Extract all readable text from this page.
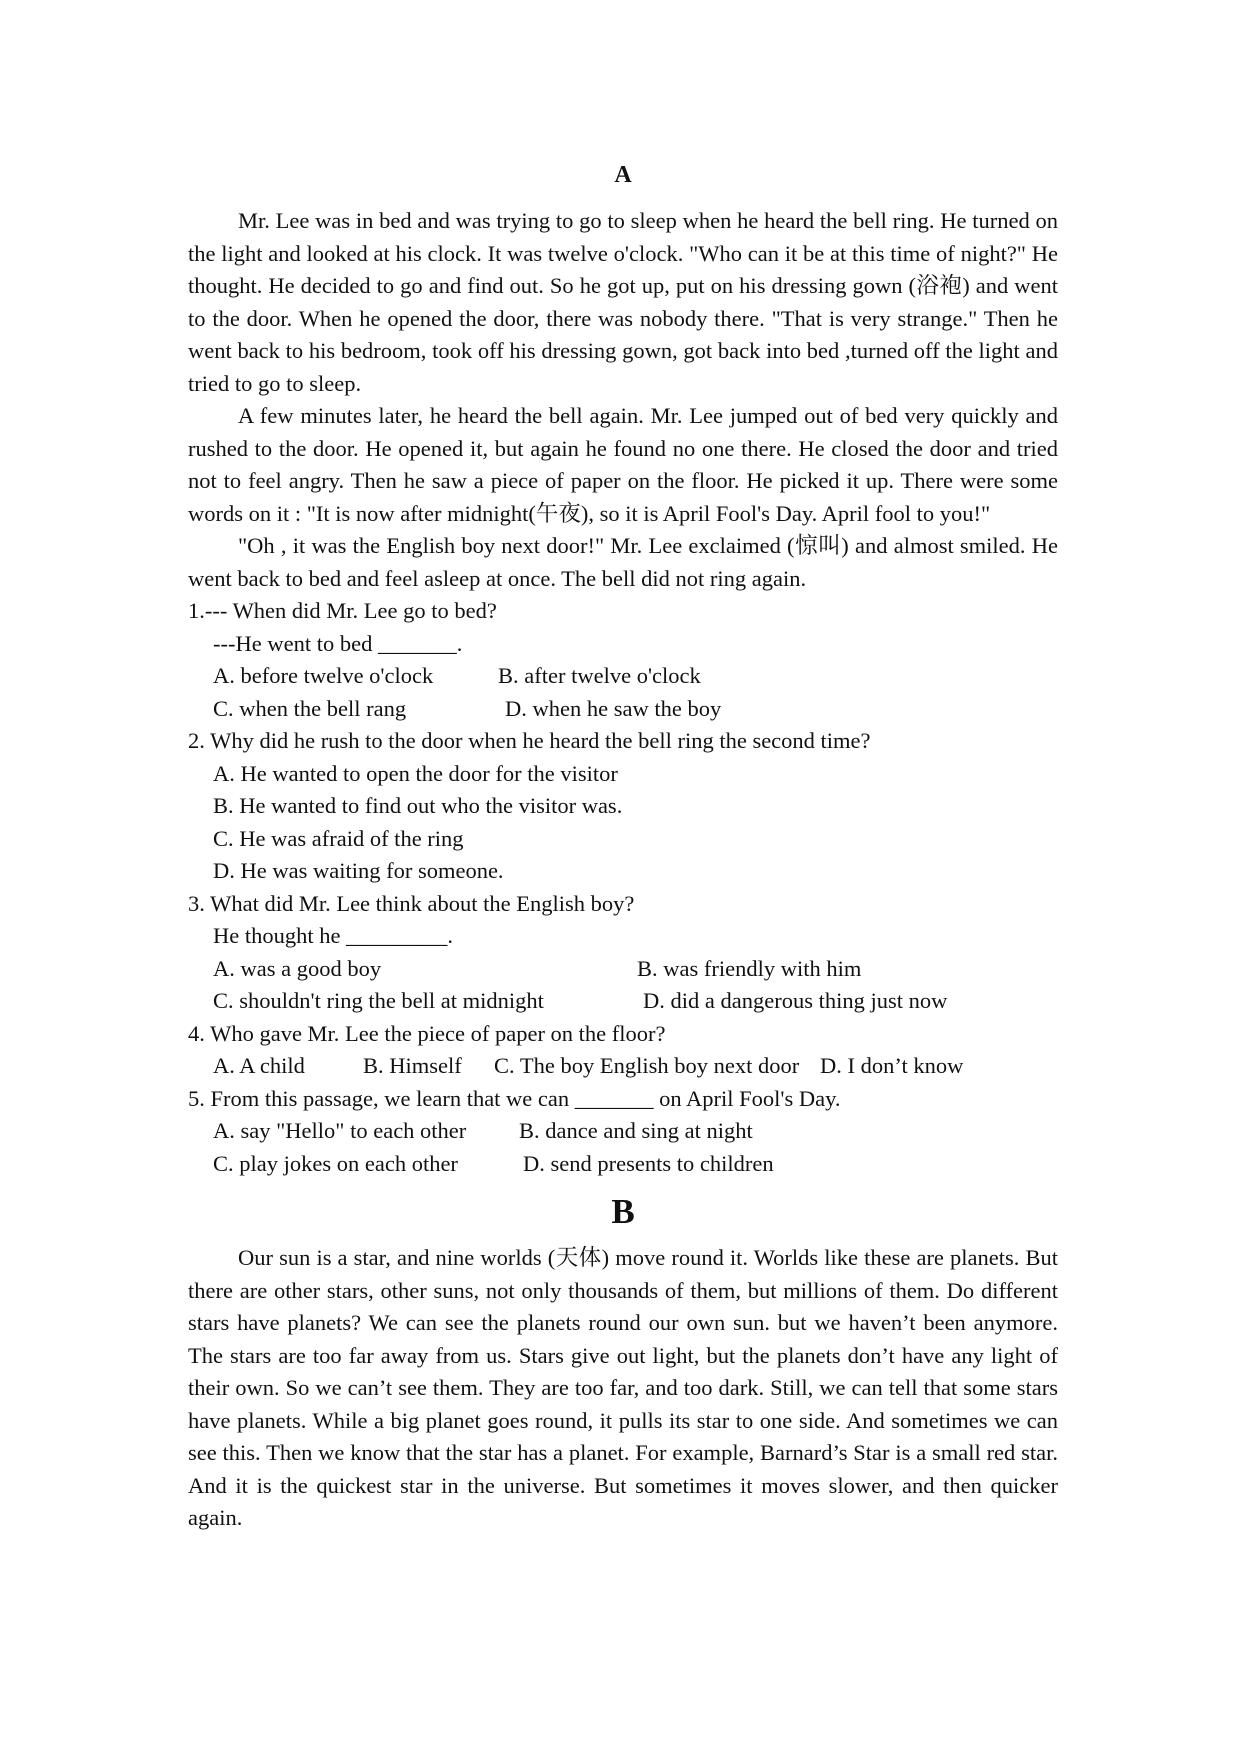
A

Mr. Lee was in bed and was trying to go to sleep when he heard the bell ring. He turned on the light and looked at his clock. It was twelve o'clock. "Who can it be at this time of night?" He thought. He decided to go and find out. So he got up, put on his dressing gown (浴袍) and went to the door. When he opened the door, there was nobody there. "That is very strange." Then he went back to his bedroom, took off his dressing gown, got back into bed ,turned off the light and tried to go to sleep.

A few minutes later, he heard the bell again. Mr. Lee jumped out of bed very quickly and rushed to the door. He opened it, but again he found no one there. He closed the door and tried not to feel angry. Then he saw a piece of paper on the floor. He picked it up. There were some words on it : "It is now after midnight(午夜), so it is April Fool's Day. April fool to you!"

"Oh , it was the English boy next door!" Mr. Lee exclaimed (惊叫) and almost smiled. He went back to bed and feel asleep at once. The bell did not ring again.

1.--- When did Mr. Lee go to bed?

---He went to bed _______.

A. before twelve o'clock	B. after twelve o'clock
C. when the bell rang	D. when he saw the boy

2. Why did he rush to the door when he heard the bell ring the second time?

A. He wanted to open the door for the visitor

B. He wanted to find out who the visitor was.

C. He was afraid of the ring

D. He was waiting for someone.

3. What did Mr. Lee think about the English boy?

He thought he _________.

A. was a good boy	B. was friendly with him
C. shouldn't ring the bell at midnight	D. did a dangerous thing just now

4. Who gave Mr. Lee the piece of paper on the floor?

A. A child	B. Himself	C. The boy English boy next door D. I don’t know

5. From this passage, we learn that we can _______ on April Fool's Day.

A. say "Hello" to each other	B. dance and sing at night
C. play jokes on each other	D. send presents to children
B

Our sun is a star, and nine worlds (天体) move round it. Worlds like these are planets. But there are other stars, other suns, not only thousands of them, but millions of them. Do different stars have planets? We can see the planets round our own sun. but we haven’t been anymore. The stars are too far away from us. Stars give out light, but the planets don’t have any light of their own. So we can’t see them. They are too far, and too dark. Still, we can tell that some stars have planets. While a big planet goes round, it pulls its star to one side. And sometimes we can see this. Then we know that the star has a planet. For example, Barnard’s Star is a small red star. And it is the quickest star in the universe. But sometimes it moves slower, and then quicker again.
